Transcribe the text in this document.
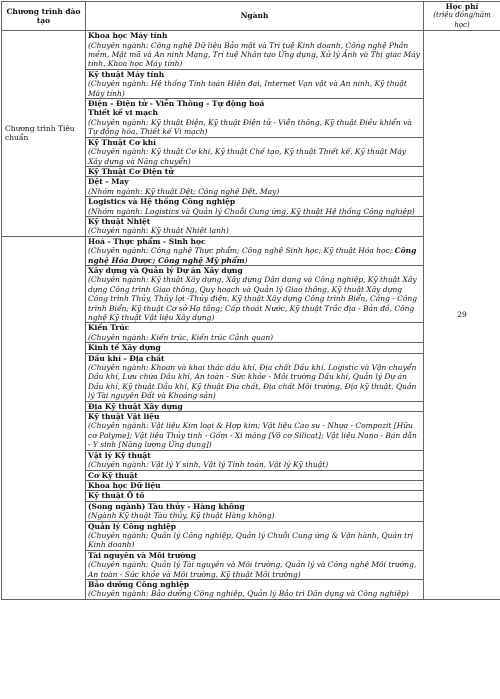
Chương trình đào tạo	Ngành	Học phí

(triệu đồng/năm học)

Chương trình Tiêu chuẩn	Khoa học Máy tính
(Chuyên ngành: Công nghệ Dữ liệu Bảo mật và Trí tuệ Kinh doanh, Công nghệ Phần mềm, Mật mã và An ninh Mạng, Trí tuệ Nhân tạo Ứng dụng, Xử lý Ảnh và Thị giác Máy tính, Khoa học Máy tính)	29

	Kỹ thuật Máy tính
(Chuyên ngành: Hệ thống Tính toán Hiện đại, Internet Vạn vật và An ninh, Kỹ thuật Máy tính)	

	Điện - Điện tử - Viễn Thông - Tự động hoá
Thiết kế vi mạch
(Chuyên ngành: Kỹ thuật Điện, Kỹ thuật Điện tử - Viễn thông, Kỹ thuật Điều khiển và Tự động hóa, Thiết kế Vi mạch)	

	Kỹ Thuật Cơ khí
(Chuyên ngành: Kỹ thuật Cơ khí, Kỹ thuật Chế tạo, Kỹ thuật Thiết kế, Kỹ thuật Máy Xây dựng và Nâng chuyển)	

	Kỹ Thuật Cơ Điện tử	

	Dệt - May
(Nhóm ngành: Kỹ thuật Dệt; Công nghệ Dệt, May)	

	Logistics và Hệ thống Công nghiệp
(Nhóm ngành: Logistics và Quản lý Chuỗi Cung ứng, Kỹ thuật Hệ thống Công nghiệp)	

	Kỹ thuật Nhiệt
(Chuyên ngành: Kỹ thuật Nhiệt lạnh)	

	Hoá - Thực phẩm - Sinh học
(Chuyên ngành: Công nghệ Thực phẩm; Công nghệ Sinh học; Kỹ thuật Hóa học; Công nghệ Hóa Dược; Công nghệ Mỹ phẩm)	

	Xây dựng và Quản lý Dự án Xây dựng
(Chuyên ngành: Kỹ thuật Xây dựng, Xây dựng Dân dụng và Công nghiệp, Kỹ thuật Xây dựng Công trình Giao thông, Quy hoạch và Quản lý Giao thông, Kỹ thuật Xây dựng Công trình Thủy, Thủy lợi -Thủy điện, Kỹ thuật Xây dựng Công trình Biển, Cảng - Công trình Biển; Kỹ thuật Cơ sở Hạ tầng; Cấp thoát Nước, Kỹ thuật Trắc địa - Bản đồ, Công nghệ Kỹ thuật Vật liệu Xây dựng)	

	Kiến Trúc
(Chuyên ngành: Kiến trúc, Kiến trúc Cảnh quan)	

	Kinh tế Xây dựng	

	Dầu khí - Địa chất
(Chuyên ngành: Khoan và khai thác dầu khí, Địa chất Dầu khí, Logistic và Vận chuyển Dầu khí, Lưu chứa Dầu khí, An toàn - Sức khỏe - Môi trường Dầu khí, Quản lý Dự án Dầu khí, Kỹ thuật Dầu khí, Kỹ thuật Địa chất, Địa chất Môi trường, Địa kỹ thuật, Quản lý Tài nguyên Đất và Khoáng sản)	

	Địa Kỹ thuật Xây dựng	

	Kỹ thuật Vật liệu
(Chuyên ngành: Vật liệu Kim loại & Hợp kim; Vật liệu Cao su - Nhựa - Compozit [Hữu cơ Polyme]; Vật liệu Thủy tinh - Gốm - Xi măng [Vô cơ Silicat]; Vật liệu Nano - Bán dẫn - Y sinh [Năng lượng Ứng dụng])	

	Vật lý Kỹ thuật
(Chuyên ngành: Vật lý Y sinh, Vật lý Tính toán, Vật lý Kỹ thuật)	

	Cơ Kỹ thuật	

	Khoa học Dữ liệu	

	Kỹ thuật Ô tô	

	(Song ngành) Tàu thủy - Hàng không
(Ngành Kỹ thuật Tàu thủy, Kỹ thuật Hàng không)	

	Quản lý Công nghiệp
(Chuyên ngành: Quản lý Công nghiệp, Quản lý Chuỗi Cung ứng & Vận hành, Quản trị Kinh doanh)	

	Tài nguyên và Môi trường
(Chuyên ngành: Quản lý Tài nguyên và Môi trường, Quản lý và Công nghệ Môi trường, An toàn - Sức khỏe và Môi trường, Kỹ thuật Môi trường)	

	Bảo dưỡng Công nghiệp
(Chuyên ngành: Bảo dưỡng Công nghiệp, Quản lý Bảo trì Dân dụng và Công nghiệp)	
